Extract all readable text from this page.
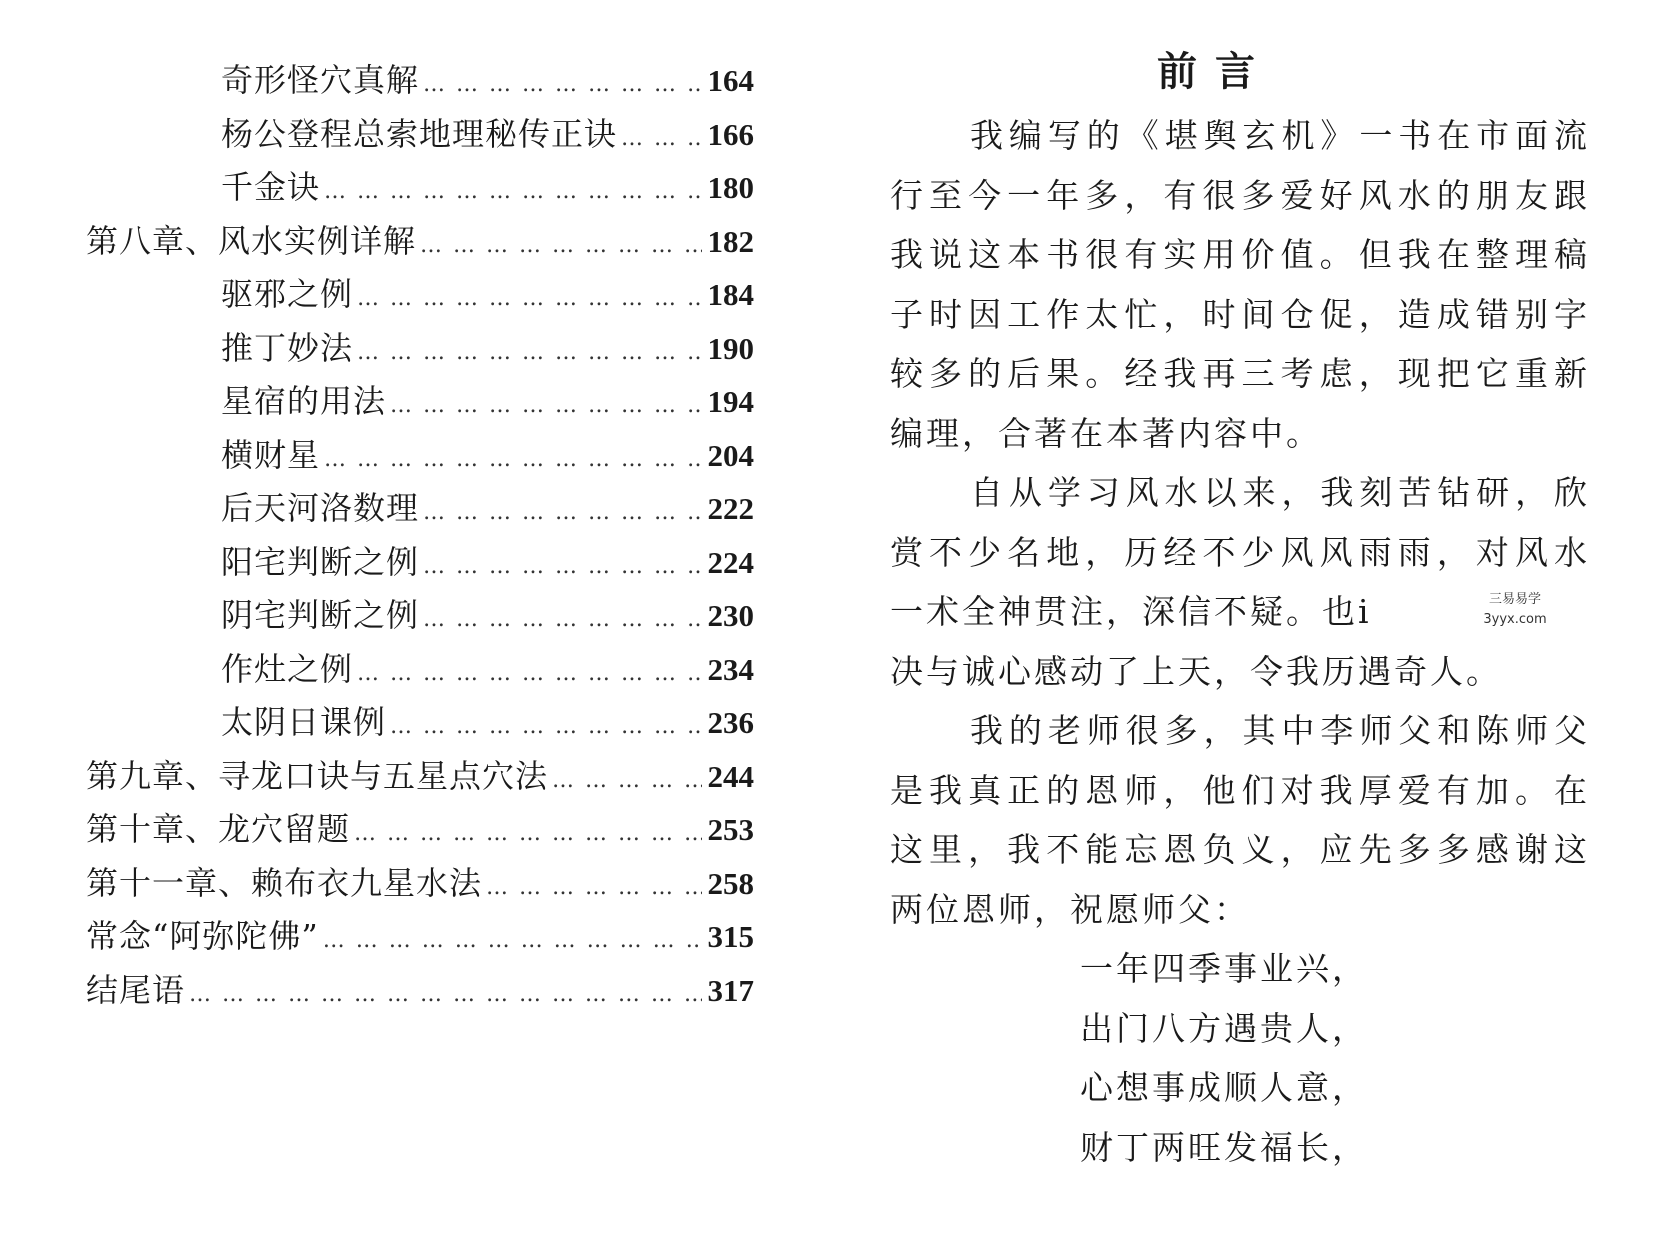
奇形怪穴真解 … … … … … … … … … … … … … … … … … … … … … … … … … … … … … … … …	164
杨公登程总索地理秘传正诀 … … … … … … … … … … … … … … … … … … … … … … … … … … … … … … … …	166
千金诀 … … … … … … … … … … … … … … … … … … … … … … … … … … … … … … … …	180
第八章、风水实例详解 … … … … … … … … … … … … … … … … … … … … … … … … … … … … … … … …	182
驱邪之例 … … … … … … … … … … … … … … … … … … … … … … … … … … … … … … … …	184
推丁妙法 … … … … … … … … … … … … … … … … … … … … … … … … … … … … … … … …	190
星宿的用法 … … … … … … … … … … … … … … … … … … … … … … … … … … … … … … … …	194
横财星 … … … … … … … … … … … … … … … … … … … … … … … … … … … … … … … …	204
后天河洛数理 … … … … … … … … … … … … … … … … … … … … … … … … … … … … … … … …	222
阳宅判断之例 … … … … … … … … … … … … … … … … … … … … … … … … … … … … … … … …	224
阴宅判断之例 … … … … … … … … … … … … … … … … … … … … … … … … … … … … … … … …	230
作灶之例 … … … … … … … … … … … … … … … … … … … … … … … … … … … … … … … …	234
太阴日课例 … … … … … … … … … … … … … … … … … … … … … … … … … … … … … … … …	236
第九章、寻龙口诀与五星点穴法 … … … … … … … … … … … … … … … … … … … … … … … … … … … … … … … …	244
第十章、龙穴留题 … … … … … … … … … … … … … … … … … … … … … … … … … … … … … … … …	253
第十一章、赖布衣九星水法 … … … … … … … … … … … … … … … … … … … … … … … … … … … … … … … …	258
常念“阿弥陀佛” … … … … … … … … … … … … … … … … … … … … … … … … … … … … … … … …	315
结尾语 … … … … … … … … … … … … … … … … … … … … … … … … … … … … … … … …	317
前言
我编写的《堪舆玄机》一书在市面流
行至今一年多，有很多爱好风水的朋友跟
我说这本书很有实用价值。但我在整理稿
子时因工作太忙，时间仓促，造成错别字
较多的后果。经我再三考虑，现把它重新
编理，合著在本著内容中。
自从学习风水以来，我刻苦钻研，欣
赏不少名地，历经不少风风雨雨，对风水
一术全神贯注，深信不疑。也i
决与诚心感动了上天，令我历遇奇人。
我的老师很多，其中李师父和陈师父
是我真正的恩师，他们对我厚爱有加。在
这里，我不能忘恩负义，应先多多感谢这
两位恩师，祝愿师父：
一年四季事业兴，
出门八方遇贵人，
心想事成顺人意，
财丁两旺发福长，
三易易学
3yyx.com
